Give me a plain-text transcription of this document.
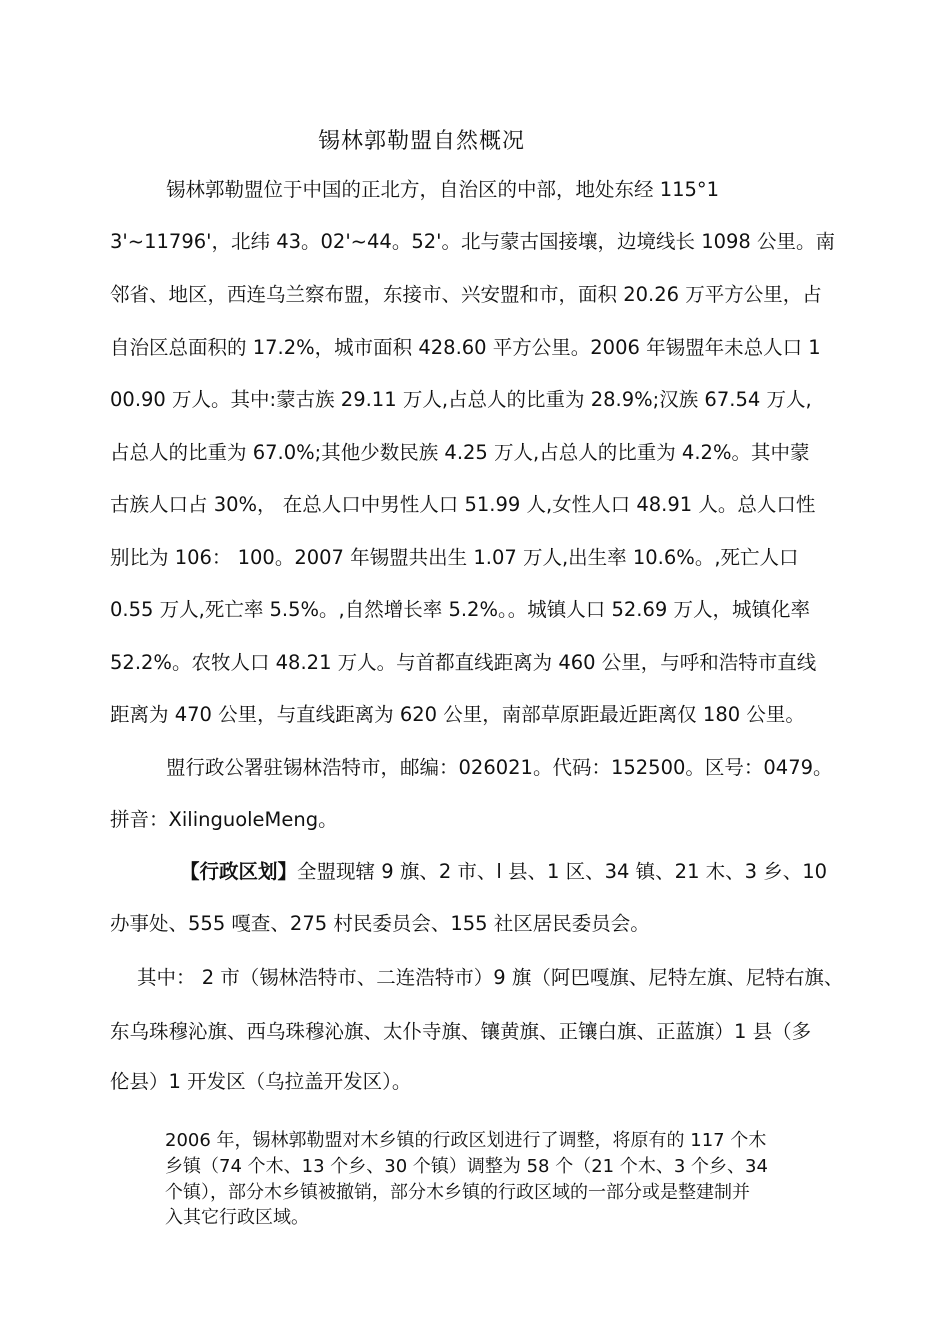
锡林郭勒盟自然概况
锡林郭勒盟位于中国的正北方，自治区的中部，地处东经 115°1
3'~11796'，北纬 43。02'~44。52'。北与蒙古国接壤，边境线长 1098 公里。南
邻省、地区，西连乌兰察布盟，东接市、兴安盟和市，面积 20.26 万平方公里，占
自治区总面积的 17.2%，城市面积 428.60 平方公里。2006 年锡盟年未总人口 1
00.90 万人。其中:蒙古族 29.11 万人,占总人的比重为 28.9%;汉族 67.54 万人,
占总人的比重为 67.0%;其他少数民族 4.25 万人,占总人的比重为 4.2%。其中蒙
古族人口占 30%， 在总人口中男性人口 51.99 人,女性人口 48.91 人。总人口性
别比为 106： 100。2007 年锡盟共出生 1.07 万人,出生率 10.6%。,死亡人口
0.55 万人,死亡率 5.5%。,自然增长率 5.2%。。城镇人口 52.69 万人，城镇化率
52.2%。农牧人口 48.21 万人。与首都直线距离为 460 公里，与呼和浩特市直线
距离为 470 公里，与直线距离为 620 公里，南部草原距最近距离仅 180 公里。
盟行政公署驻锡林浩特市，邮编：026021。代码：152500。区号：0479。
拼音：XilinguoleMeng。
【行政区划】全盟现辖 9 旗、2 市、l 县、1 区、34 镇、21 木、3 乡、10
办事处、555 嘎查、275 村民委员会、155 社区居民委员会。
其中： 2 市（锡林浩特市、二连浩特市）9 旗（阿巴嘎旗、尼特左旗、尼特右旗、
东乌珠穆沁旗、西乌珠穆沁旗、太仆寺旗、镶黄旗、正镶白旗、正蓝旗）1 县（多
伦县）1 开发区（乌拉盖开发区）。
2006 年，锡林郭勒盟对木乡镇的行政区划进行了调整，将原有的 117 个木
乡镇（74 个木、13 个乡、30 个镇）调整为 58 个（21 个木、3 个乡、34
个镇），部分木乡镇被撤销，部分木乡镇的行政区域的一部分或是整建制并
入其它行政区域。
